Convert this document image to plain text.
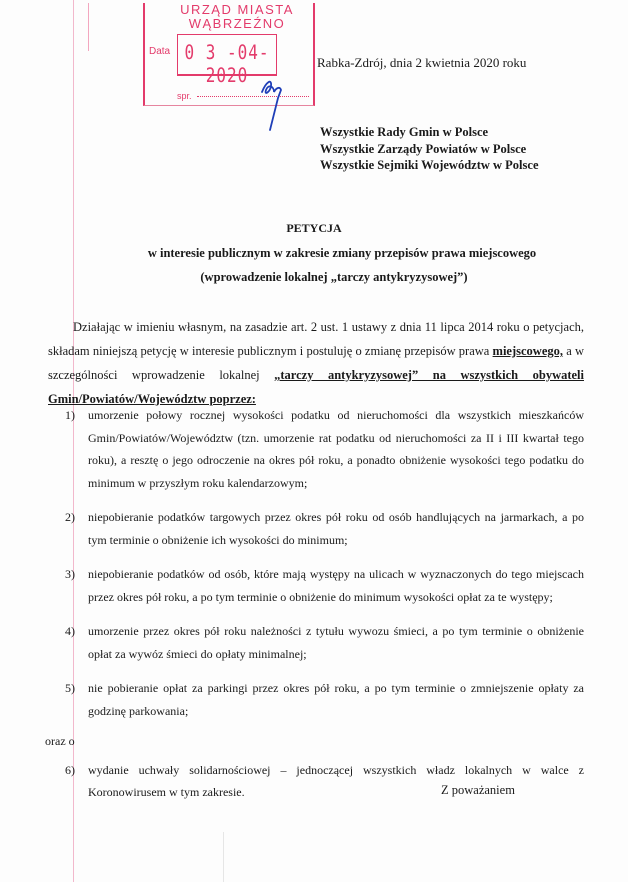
URZĄD MIASTA
WĄBRZEŹNO
Data 0 3 -04- 2020
spr.
Rabka-Zdrój, dnia 2 kwietnia 2020 roku
Wszystkie Rady Gmin w Polsce
Wszystkie Zarządy Powiatów w Polsce
Wszystkie Sejmiki Województw w Polsce
PETYCJA
w interesie publicznym w zakresie zmiany przepisów prawa miejscowego
(wprowadzenie lokalnej „tarczy antykryzysowej”)
Działając w imieniu własnym, na zasadzie art. 2 ust. 1 ustawy z dnia 11 lipca 2014 roku o petycjach, składam niniejszą petycję w interesie publicznym i postuluję o zmianę przepisów prawa miejscowego, a w szczególności wprowadzenie lokalnej „tarczy antykryzysowej” na wszystkich obywateli Gmin/Powiatów/Województw poprzez:
1) umorzenie połowy rocznej wysokości podatku od nieruchomości dla wszystkich mieszkańców Gmin/Powiatów/Województw (tzn. umorzenie rat podatku od nieruchomości za II i III kwartał tego roku), a resztę o jego odroczenie na okres pół roku, a ponadto obniżenie wysokości tego podatku do minimum w przyszłym roku kalendarzowym;
2) niepobieranie podatków targowych przez okres pół roku od osób handlujących na jarmarkach, a po tym terminie o obniżenie ich wysokości do minimum;
3) niepobieranie podatków od osób, które mają występy na ulicach w wyznaczonych do tego miejscach przez okres pół roku, a po tym terminie o obniżenie do minimum wysokości opłat za te występy;
4) umorzenie przez okres pół roku należności z tytułu wywozu śmieci, a po tym terminie o obniżenie opłat za wywóz śmieci do opłaty minimalnej;
5) nie pobieranie opłat za parkingi przez okres pół roku, a po tym terminie o zmniejszenie opłaty za godzinę parkowania;
oraz o
6) wydanie uchwały solidarnościowej – jednoczącej wszystkich władz lokalnych w walce z Koronowirusem w tym zakresie.	Z poważaniem
